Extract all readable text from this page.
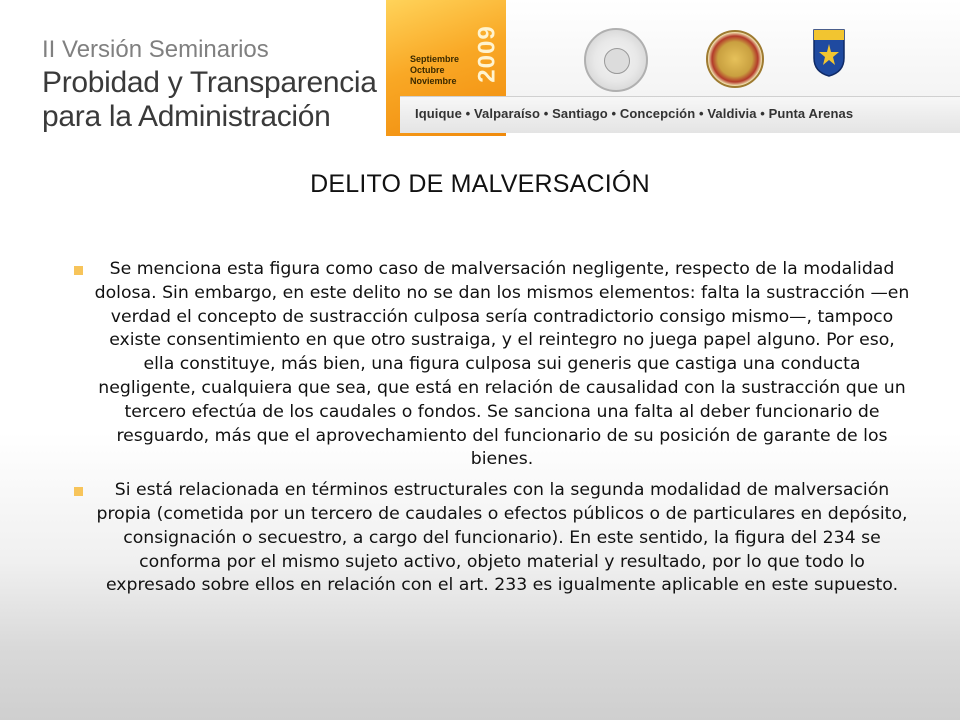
II Versión Seminarios
Probidad y Transparencia
para la Administración
Septiembre
Octubre
Noviembre 2009
Iquique • Valparaíso • Santiago • Concepción • Valdivia • Punta Arenas
DELITO DE MALVERSACIÓN
Se menciona esta figura como caso de malversación negligente, respecto de la modalidad dolosa. Sin embargo, en este delito no se dan los mismos elementos: falta la sustracción —en verdad el concepto de sustracción culposa sería contradictorio consigo mismo—, tampoco existe consentimiento en que otro sustraiga, y el reintegro no juega papel alguno. Por eso, ella constituye, más bien, una figura culposa sui generis que castiga una conducta negligente, cualquiera que sea, que está en relación de causalidad con la sustracción que un tercero efectúa de los caudales o fondos. Se sanciona una falta al deber funcionario de resguardo, más que el aprovechamiento del funcionario de su posición de garante de los bienes.
Si está relacionada en términos estructurales con la segunda modalidad de malversación propia (cometida por un tercero de caudales o efectos públicos o de particulares en depósito, consignación o secuestro, a cargo del funcionario). En este sentido, la figura del 234 se conforma por el mismo sujeto activo, objeto material y resultado, por lo que todo lo expresado sobre ellos en relación con el art. 233 es igualmente aplicable en este supuesto.
